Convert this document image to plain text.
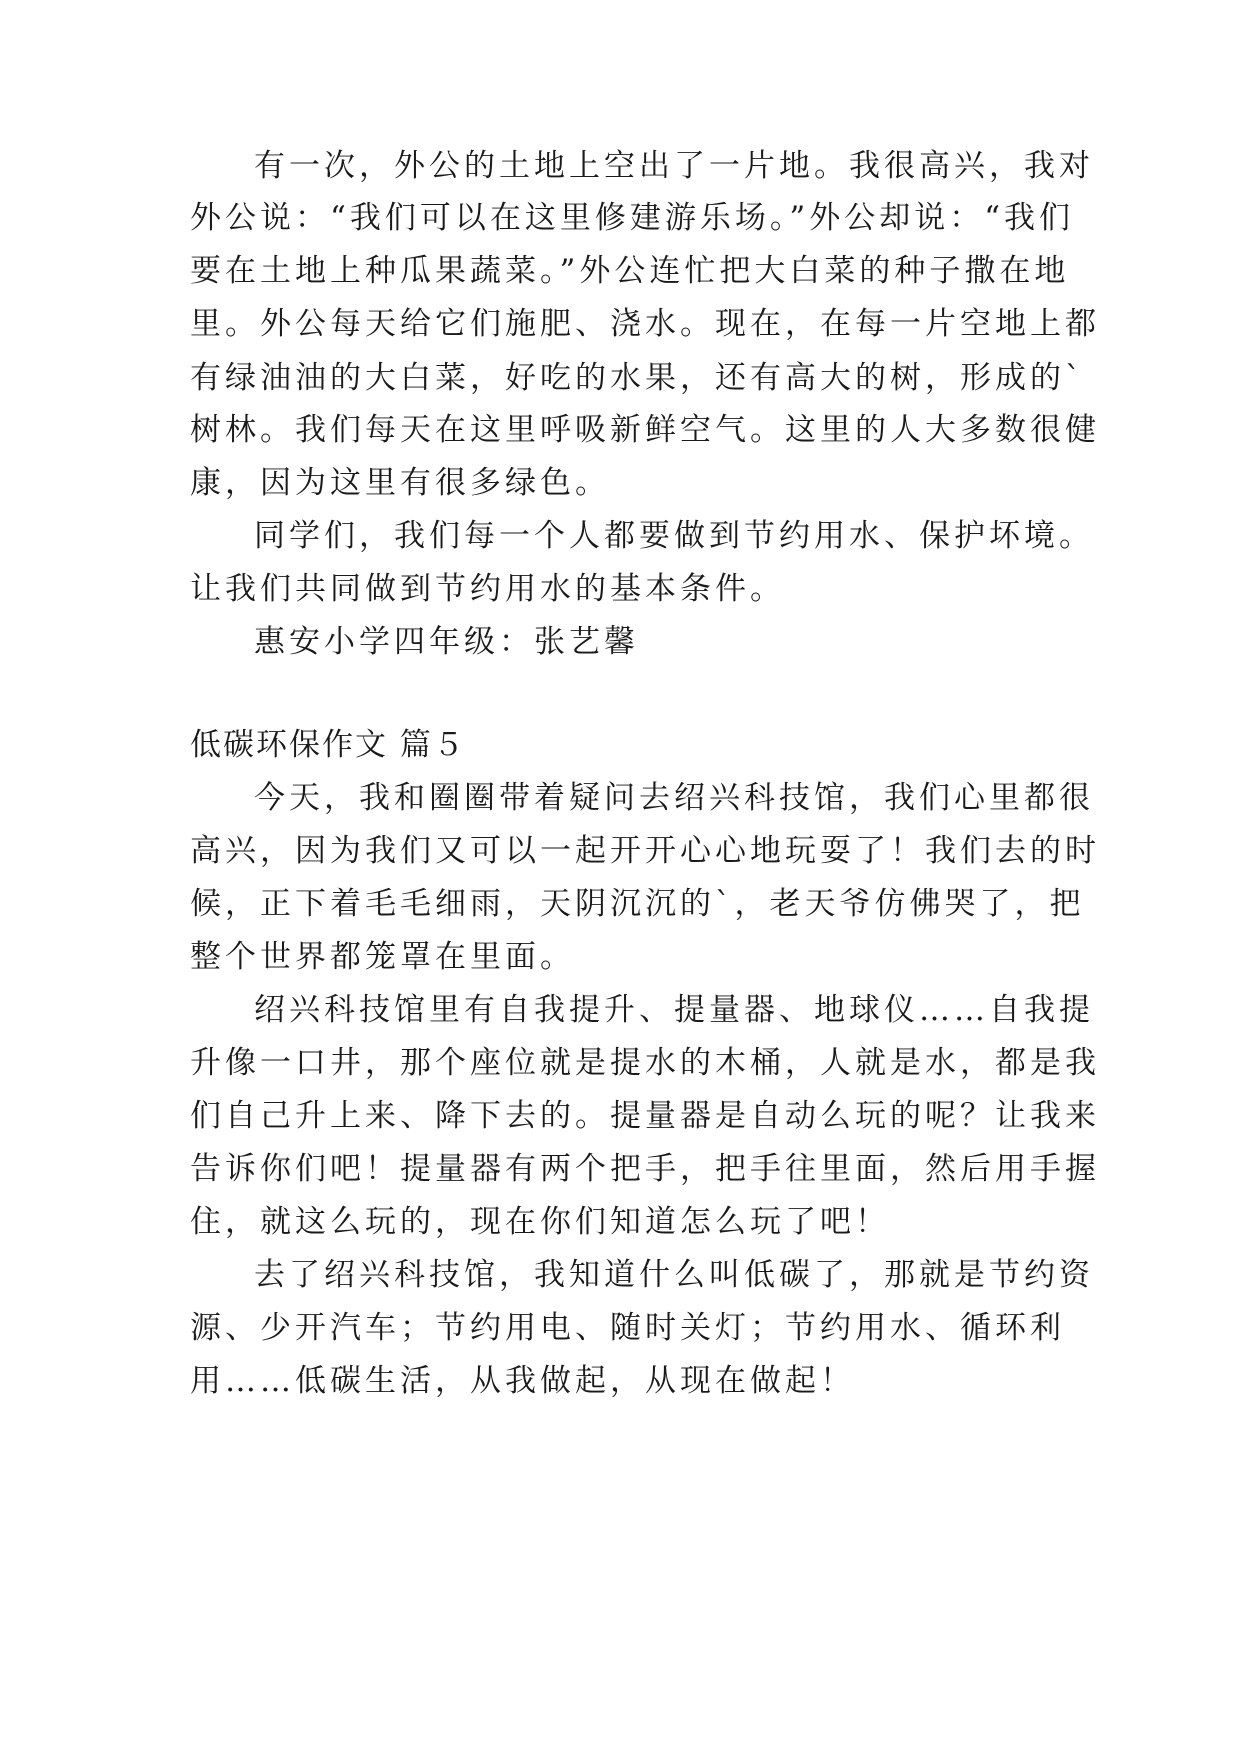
有一次，外公的土地上空出了一片地。我很高兴，我对
外公说：“我们可以在这里修建游乐场。”外公却说：“我们
要在土地上种瓜果蔬菜。”外公连忙把大白菜的种子撒在地
里。外公每天给它们施肥、浇水。现在，在每一片空地上都
有绿油油的大白菜，好吃的水果，还有高大的树，形成的`
树林。我们每天在这里呼吸新鲜空气。这里的人大多数很健
康，因为这里有很多绿色。
同学们，我们每一个人都要做到节约用水、保护坏境。
让我们共同做到节约用水的基本条件。
惠安小学四年级：张艺馨
低碳环保作文 篇５
今天，我和圈圈带着疑问去绍兴科技馆，我们心里都很
高兴，因为我们又可以一起开开心心地玩耍了！我们去的时
候，正下着毛毛细雨，天阴沉沉的`，老天爷仿佛哭了，把
整个世界都笼罩在里面。
绍兴科技馆里有自我提升、提量器、地球仪……自我提
升像一口井，那个座位就是提水的木桶，人就是水，都是我
们自己升上来、降下去的。提量器是自动么玩的呢？让我来
告诉你们吧！提量器有两个把手，把手往里面，然后用手握
住，就这么玩的，现在你们知道怎么玩了吧！
去了绍兴科技馆，我知道什么叫低碳了，那就是节约资
源、少开汽车；节约用电、随时关灯；节约用水、循环利
用……低碳生活，从我做起，从现在做起！
